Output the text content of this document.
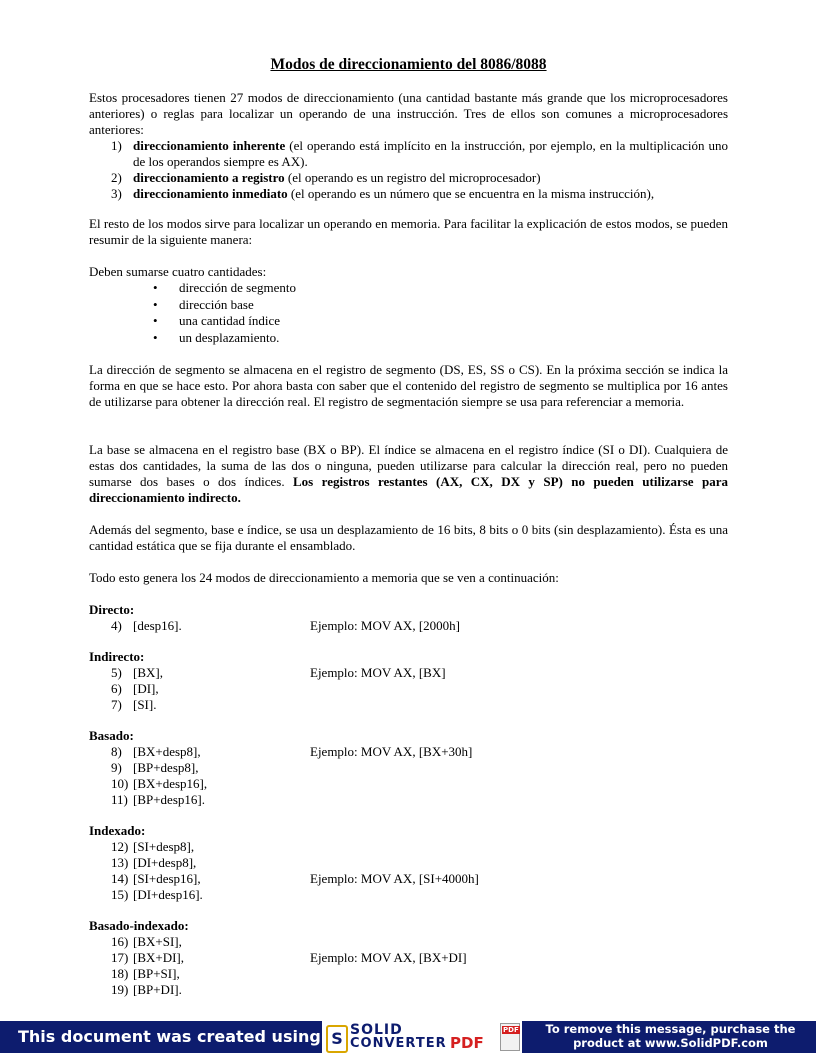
Modos de direccionamiento del 8086/8088

Estos procesadores tienen 27 modos de direccionamiento (una cantidad bastante más grande que los microprocesadores anteriores) o reglas para localizar un operando de una instrucción. Tres de ellos son comunes a microprocesadores anteriores:

1) direccionamiento inherente (el operando está implícito en la instrucción, por ejemplo, en la multiplicación uno de los operandos siempre es AX).
2) direccionamiento a registro (el operando es un registro del microprocesador)
3) direccionamiento inmediato (el operando es un número que se encuentra en la misma instrucción),

El resto de los modos sirve para localizar un operando en memoria. Para facilitar la explicación de estos modos, se pueden resumir de la siguiente manera:

Deben sumarse cuatro cantidades:

•	dirección de segmento
•	dirección base
•	una cantidad índice
•	un desplazamiento.

La dirección de segmento se almacena en el registro de segmento (DS, ES, SS o CS). En la próxima sección se indica la forma en que se hace esto. Por ahora basta con saber que el contenido del registro de segmento se multiplica por 16 antes de utilizarse para obtener la dirección real. El registro de segmentación siempre se usa para referenciar a memoria.

La base se almacena en el registro base (BX o BP). El índice se almacena en el registro índice (SI o DI). Cualquiera de estas dos cantidades, la suma de las dos o ninguna, pueden utilizarse para calcular la dirección real, pero no pueden sumarse dos bases o dos índices. Los registros restantes (AX, CX, DX y SP) no pueden utilizarse para direccionamiento indirecto.

Además del segmento, base e índice, se usa un desplazamiento de 16 bits, 8 bits o 0 bits (sin desplazamiento). Ésta es una cantidad estática que se fija durante el ensamblado.

Todo esto genera los 24 modos de direccionamiento a memoria que se ven a continuación:

Directo:

4) [desp16].	Ejemplo: MOV AX, [2000h]

Indirecto:

5) [BX],	Ejemplo: MOV AX, [BX]
6) [DI],
7) [SI].

Basado:

8) [BX+desp8],	Ejemplo: MOV AX, [BX+30h]
9) [BP+desp8],
10) [BX+desp16],
11) [BP+desp16].

Indexado:

12) [SI+desp8],
13) [DI+desp8],
14) [SI+desp16],	Ejemplo: MOV AX, [SI+4000h]
15) [DI+desp16].

Basado-indexado:

16) [BX+SI],
17) [BX+DI],	Ejemplo: MOV AX, [BX+DI]
18) [BP+SI],
19) [BP+DI].
This document was created using S SOLID
CONVERTER PDF
PDF	To remove this message, purchase the
product at www.SolidPDF.com
